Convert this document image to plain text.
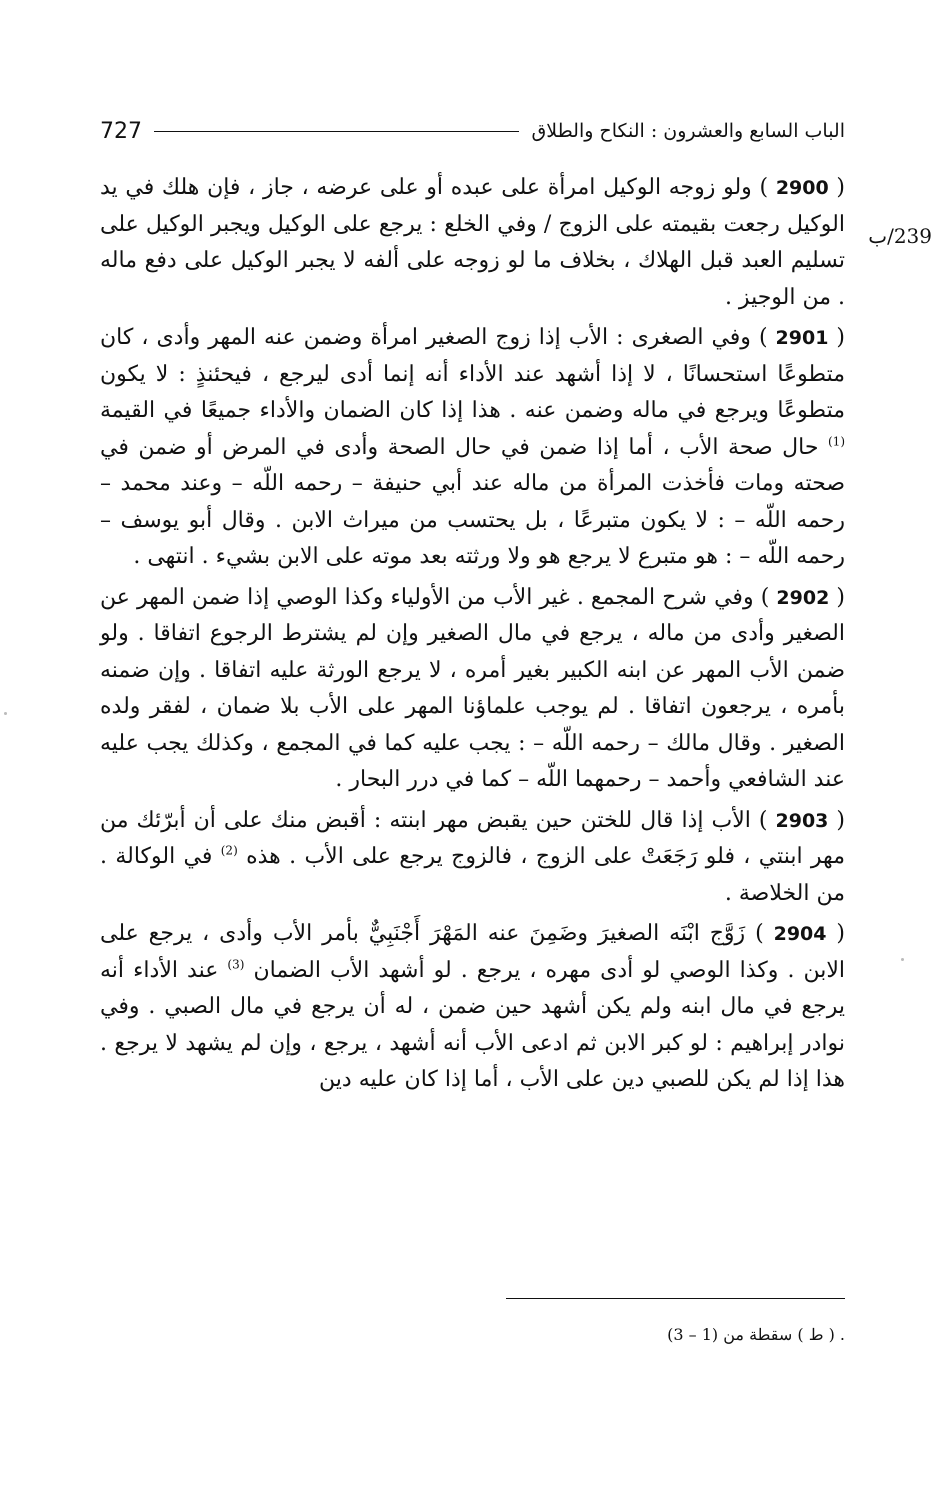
الباب السابع والعشرون : النكاح والطلاق
727
239/ب

( 2900 ) ولو زوجه الوكيل امرأة على عبده أو على عرضه ، جاز ، فإن هلك في يد الوكيل رجعت بقيمته على الزوج / وفي الخلع : يرجع على الوكيل ويجبر الوكيل على تسليم العبد قبل الهلاك ، بخلاف ما لو زوجه على ألفه لا يجبر الوكيل على دفع ماله . من الوجيز .

( 2901 ) وفي الصغرى : الأب إذا زوج الصغير امرأة وضمن عنه المهر وأدى ، كان متطوعًا استحسانًا ، لا إذا أشهد عند الأداء أنه إنما أدى ليرجع ، فيحئنذٍ : لا يكون متطوعًا ويرجع في ماله وضمن عنه . هذا إذا كان الضمان والأداء جميعًا في القيمة $^{(1)}$ حال صحة الأب ، أما إذا ضمن في حال الصحة وأدى في المرض أو ضمن في صحته ومات فأخذت المرأة من ماله عند أبي حنيفة – رحمه اللّه – وعند محمد – رحمه اللّه – : لا يكون متبرعًا ، بل يحتسب من ميراث الابن . وقال أبو يوسف – رحمه اللّه – : هو متبرع لا يرجع هو ولا ورثته بعد موته على الابن بشيء . انتهى .

( 2902 ) وفي شرح المجمع . غير الأب من الأولياء وكذا الوصي إذا ضمن المهر عن الصغير وأدى من ماله ، يرجع في مال الصغير وإن لم يشترط الرجوع اتفاقا . ولو ضمن الأب المهر عن ابنه الكبير بغير أمره ، لا يرجع الورثة عليه اتفاقا . وإن ضمنه بأمره ، يرجعون اتفاقا . لم يوجب علماؤنا المهر على الأب بلا ضمان ، لفقر ولده الصغير . وقال مالك – رحمه اللّه – : يجب عليه كما في المجمع ، وكذلك يجب عليه عند الشافعي وأحمد – رحمهما اللّه – كما في درر البحار .

( 2903 ) الأب إذا قال للختن حين يقبض مهر ابنته : أقبض منك على أن أبرّئك من مهر ابنتي ، فلو رَجَعَتْ على الزوج ، فالزوج يرجع على الأب . هذه $^{(2)}$ في الوكالة . من الخلاصة .

( 2904 ) زَوَّج ابْنَه الصغيرَ وضَمِنَ عنه المَهْرَ أَجْنَبِيٌّ بأمر الأب وأدى ، يرجع على الابن . وكذا الوصي لو أدى مهره ، يرجع . لو أشهد الأب الضمان $^{(3)}$ عند الأداء أنه يرجع في مال ابنه ولم يكن أشهد حين ضمن ، له أن يرجع في مال الصبي . وفي نوادر إبراهيم : لو كبر الابن ثم ادعى الأب أنه أشهد ، يرجع ، وإن لم يشهد لا يرجع . هذا إذا لم يكن للصبي دين على الأب ، أما إذا كان عليه دين

. ( ط ) سقطة من (1 – 3)
